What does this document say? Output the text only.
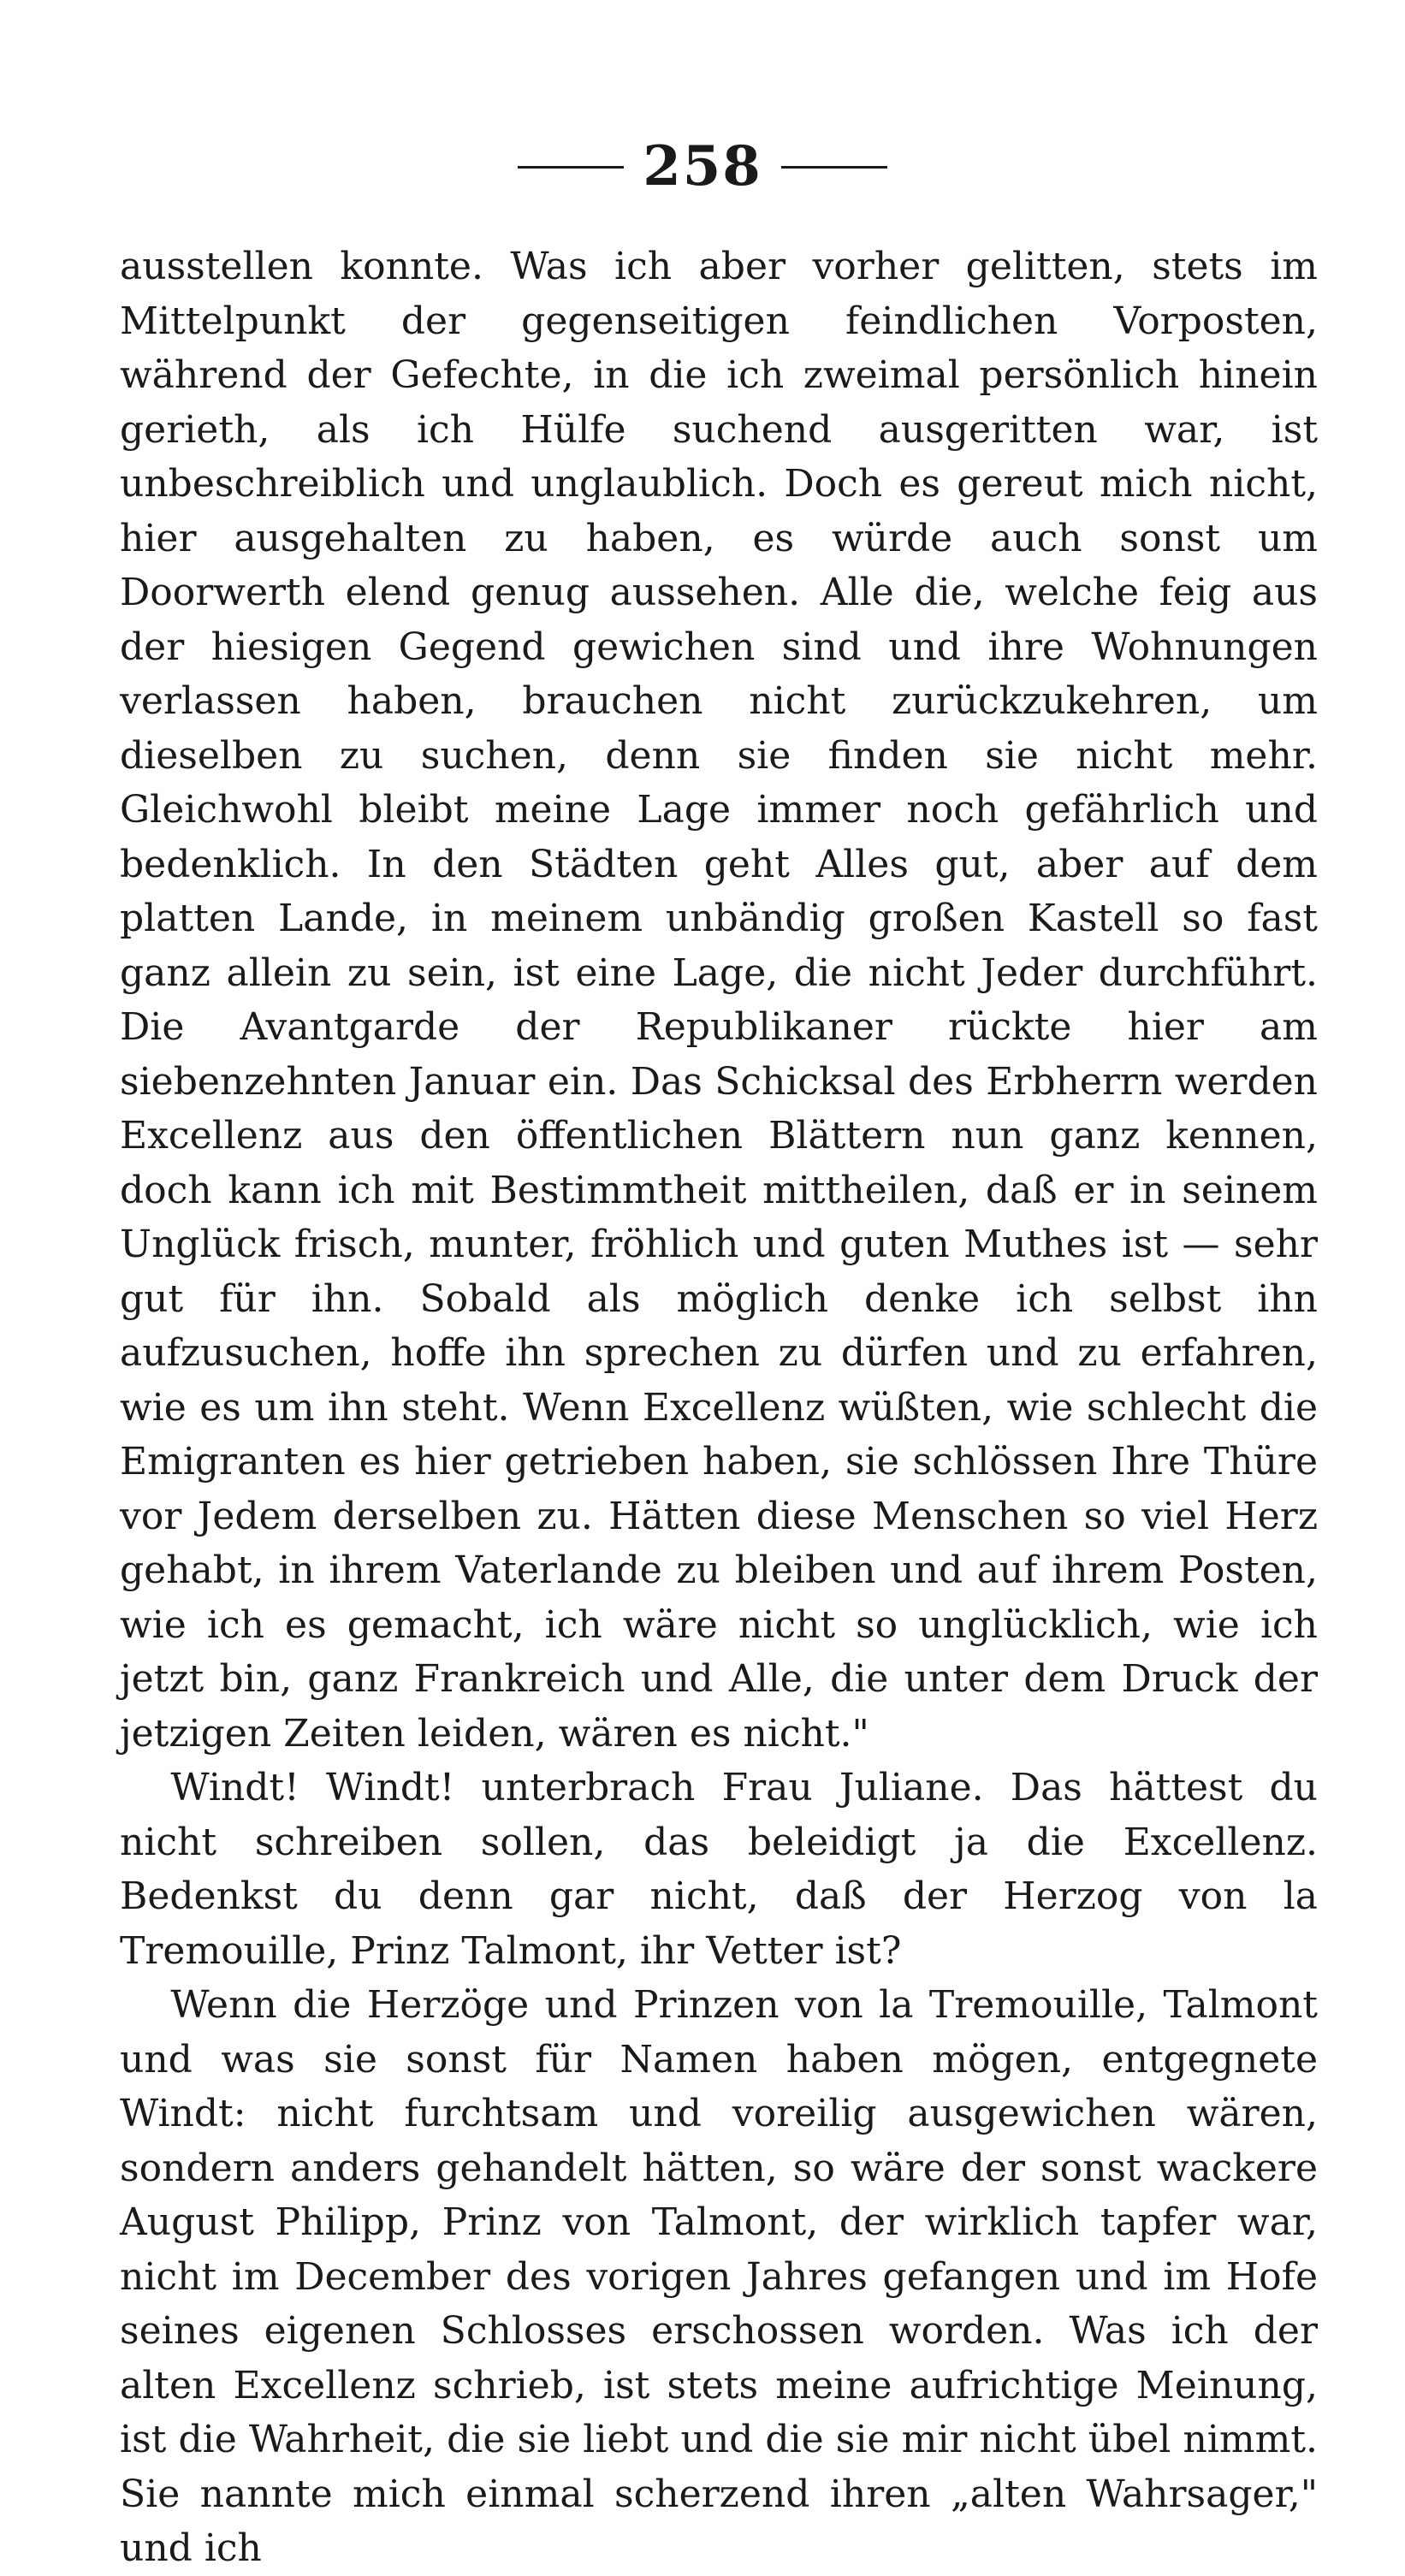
258

ausstellen konnte. Was ich aber vorher gelitten, stets im Mittelpunkt der gegenseitigen feindlichen Vorposten, während der Gefechte, in die ich zweimal persönlich hinein gerieth, als ich Hülfe suchend ausgeritten war, ist unbeschreiblich und unglaublich. Doch es gereut mich nicht, hier ausgehalten zu haben, es würde auch sonst um Doorwerth elend genug aussehen. Alle die, welche feig aus der hiesigen Gegend gewichen sind und ihre Wohnungen verlassen haben, brauchen nicht zurückzukehren, um dieselben zu suchen, denn sie finden sie nicht mehr. Gleichwohl bleibt meine Lage immer noch gefährlich und bedenklich. In den Städten geht Alles gut, aber auf dem platten Lande, in meinem unbändig großen Kastell so fast ganz allein zu sein, ist eine Lage, die nicht Jeder durchführt. Die Avantgarde der Republikaner rückte hier am siebenzehnten Januar ein. Das Schicksal des Erbherrn werden Excellenz aus den öffentlichen Blättern nun ganz kennen, doch kann ich mit Bestimmtheit mittheilen, daß er in seinem Unglück frisch, munter, fröhlich und guten Muthes ist — sehr gut für ihn. Sobald als möglich denke ich selbst ihn aufzusuchen, hoffe ihn sprechen zu dürfen und zu erfahren, wie es um ihn steht. Wenn Excellenz wüßten, wie schlecht die Emigranten es hier getrieben haben, sie schlössen Ihre Thüre vor Jedem derselben zu. Hätten diese Menschen so viel Herz gehabt, in ihrem Vaterlande zu bleiben und auf ihrem Posten, wie ich es gemacht, ich wäre nicht so unglücklich, wie ich jetzt bin, ganz Frankreich und Alle, die unter dem Druck der jetzigen Zeiten leiden, wären es nicht."

Windt! Windt! unterbrach Frau Juliane. Das hättest du nicht schreiben sollen, das beleidigt ja die Excellenz. Bedenkst du denn gar nicht, daß der Herzog von la Tremouille, Prinz Talmont, ihr Vetter ist?

Wenn die Herzöge und Prinzen von la Tremouille, Talmont und was sie sonst für Namen haben mögen, entgegnete Windt: nicht furchtsam und voreilig ausgewichen wären, sondern anders gehandelt hätten, so wäre der sonst wackere August Philipp, Prinz von Talmont, der wirklich tapfer war, nicht im December des vorigen Jahres gefangen und im Hofe seines eigenen Schlosses erschossen worden. Was ich der alten Excellenz schrieb, ist stets meine aufrichtige Meinung, ist die Wahrheit, die sie liebt und die sie mir nicht übel nimmt. Sie nannte mich einmal scherzend ihren „alten Wahrsager," und ich
